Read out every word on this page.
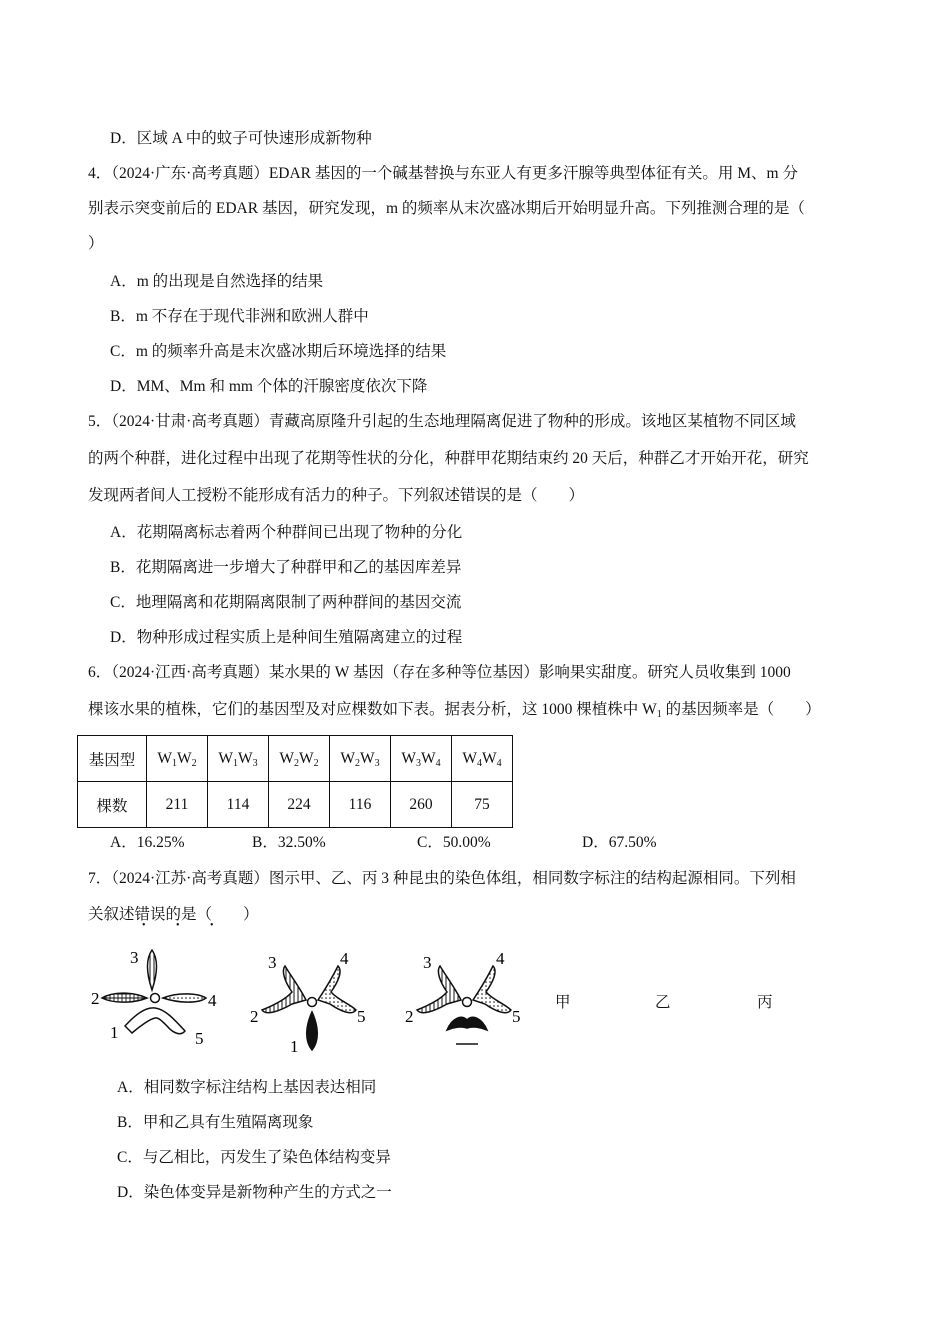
D．区域 A 中的蚊子可快速形成新物种
4．（2024·广东·高考真题）EDAR 基因的一个碱基替换与东亚人有更多汗腺等典型体征有关。用 M、m 分
别表示突变前后的 EDAR 基因，研究发现，m 的频率从末次盛冰期后开始明显升高。下列推测合理的是（
）
A．m 的出现是自然选择的结果
B．m 不存在于现代非洲和欧洲人群中
C．m 的频率升高是末次盛冰期后环境选择的结果
D．MM、Mm 和 mm 个体的汗腺密度依次下降
5．（2024·甘肃·高考真题）青藏高原隆升引起的生态地理隔离促进了物种的形成。该地区某植物不同区域
的两个种群，进化过程中出现了花期等性状的分化，种群甲花期结束约 20 天后，种群乙才开始开花，研究
发现两者间人工授粉不能形成有活力的种子。下列叙述错误的是（　　）
A．花期隔离标志着两个种群间已出现了物种的分化
B．花期隔离进一步增大了种群甲和乙的基因库差异
C．地理隔离和花期隔离限制了两种群间的基因交流
D．物种形成过程实质上是种间生殖隔离建立的过程
6．（2024·江西·高考真题）某水果的 W 基因（存在多种等位基因）影响果实甜度。研究人员收集到 1000
棵该水果的植株，它们的基因型及对应棵数如下表。据表分析，这 1000 棵植株中 $W_1$ 的基因频率是（　　）
基因型	$W_1W_2$	$W_1W_3$	$W_2W_2$	$W_2W_3$	$W_3W_4$	$W_4W_4$
棵数	211	114	224	116	260	75
A．16.25%	B．32.50%	C．50.00%	D．67.50%
7．（2024·江苏·高考真题）图示甲、乙、丙 3 种昆虫的染色体组，相同数字标注的结构起源相同。下列相
关叙述错误的是（　　）
• • •
3
2	4
1	5
3	4
2	5
1
3	4
2	5
甲	乙	丙
A．相同数字标注结构上基因表达相同
B．甲和乙具有生殖隔离现象
C．与乙相比，丙发生了染色体结构变异
D．染色体变异是新物种产生的方式之一
